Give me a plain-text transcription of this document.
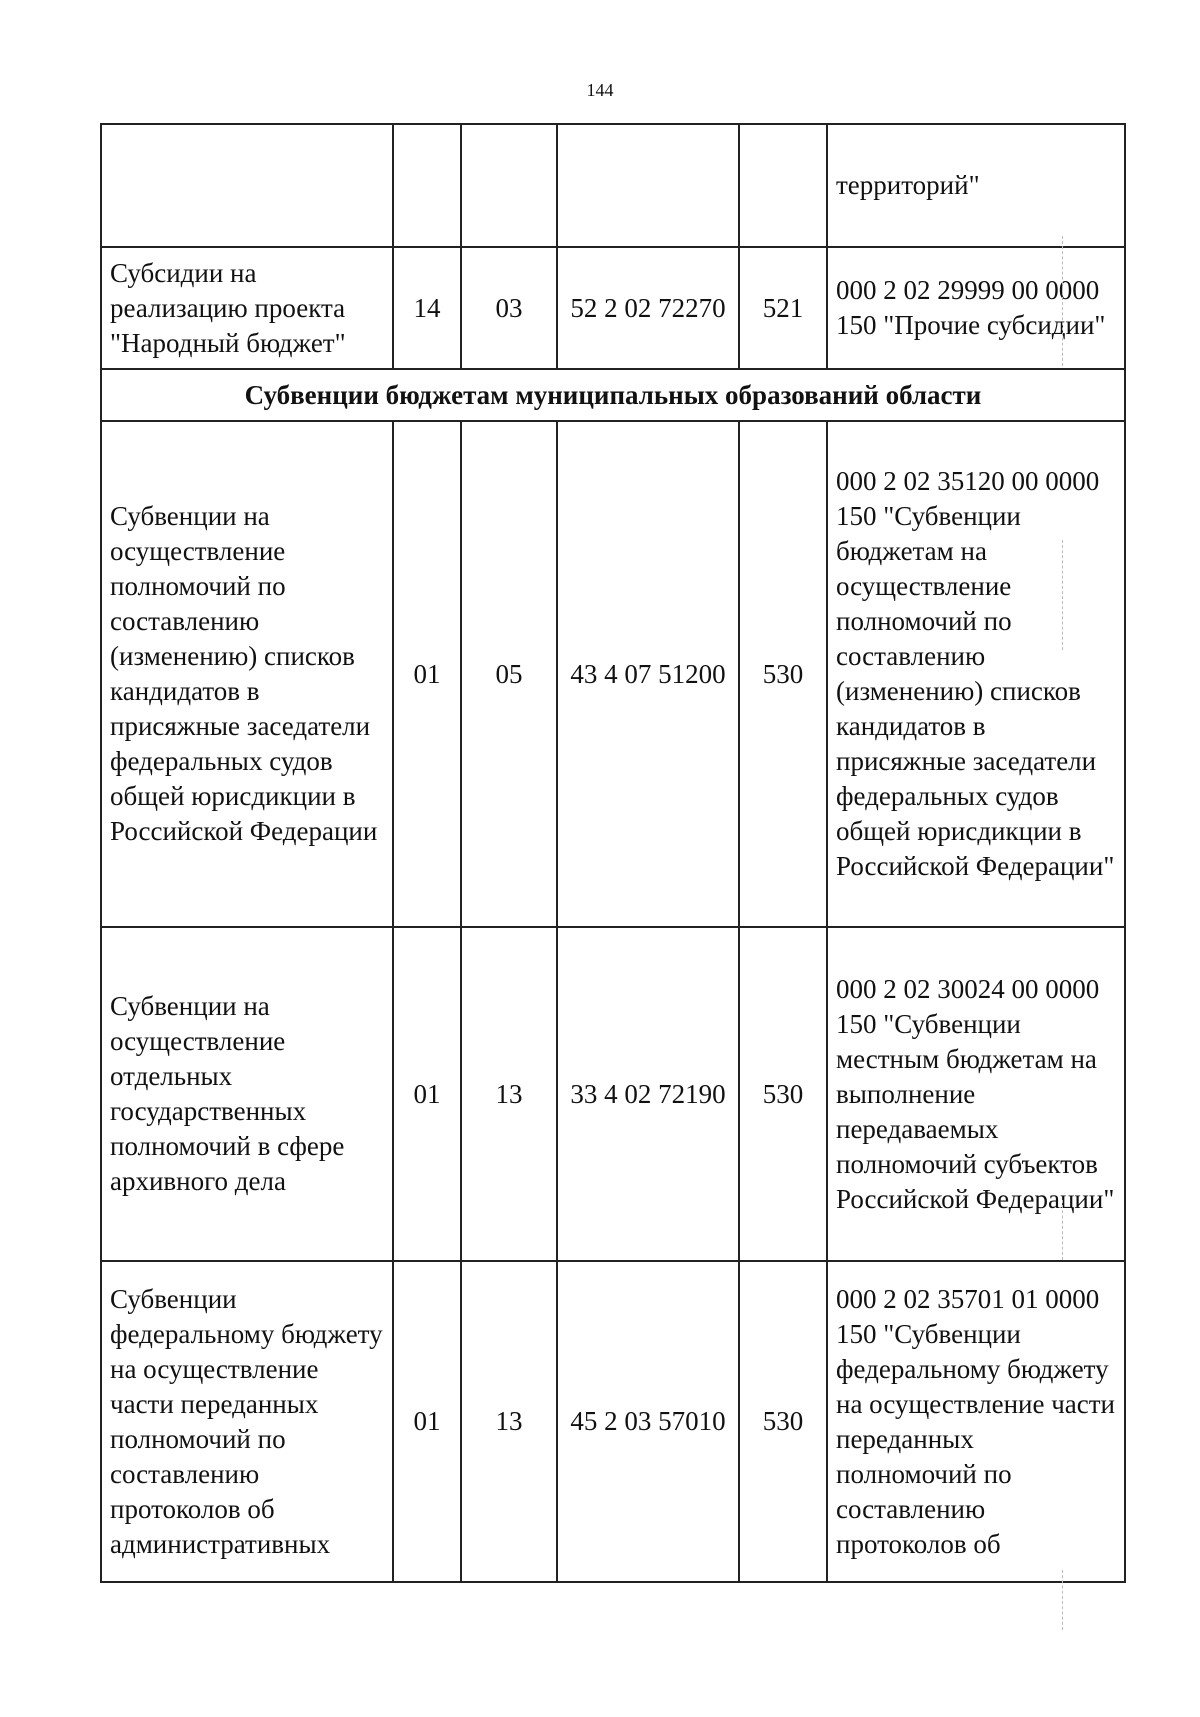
144
					территорий"
Субсидии на реализацию проекта "Народный бюджет"	14	03	52 2 02 72270	521	000 2 02 29999 00 0000 150 "Прочие субсидии"
Субвенции бюджетам муниципальных образований области					
Субвенции на осуществление полномочий по составлению (изменению) списков кандидатов в присяжные заседатели федеральных судов общей юрисдикции в Российской Федерации	01	05	43 4 07 51200	530	000 2 02 35120 00 0000 150 "Субвенции бюджетам на осуществление полномочий по составлению (изменению) списков кандидатов в присяжные заседатели федеральных судов общей юрисдикции в Российской Федерации"
Субвенции на осуществление отдельных государственных полномочий в сфере архивного дела	01	13	33 4 02 72190	530	000 2 02 30024 00 0000 150 "Субвенции местным бюджетам на выполнение передаваемых полномочий субъектов Российской Федерации"
Субвенции федеральному бюджету на осуществление части переданных полномочий по составлению протоколов об административных	01	13	45 2 03 57010	530	000 2 02 35701 01 0000 150 "Субвенции федеральному бюджету на осуществление части переданных полномочий по составлению протоколов об
